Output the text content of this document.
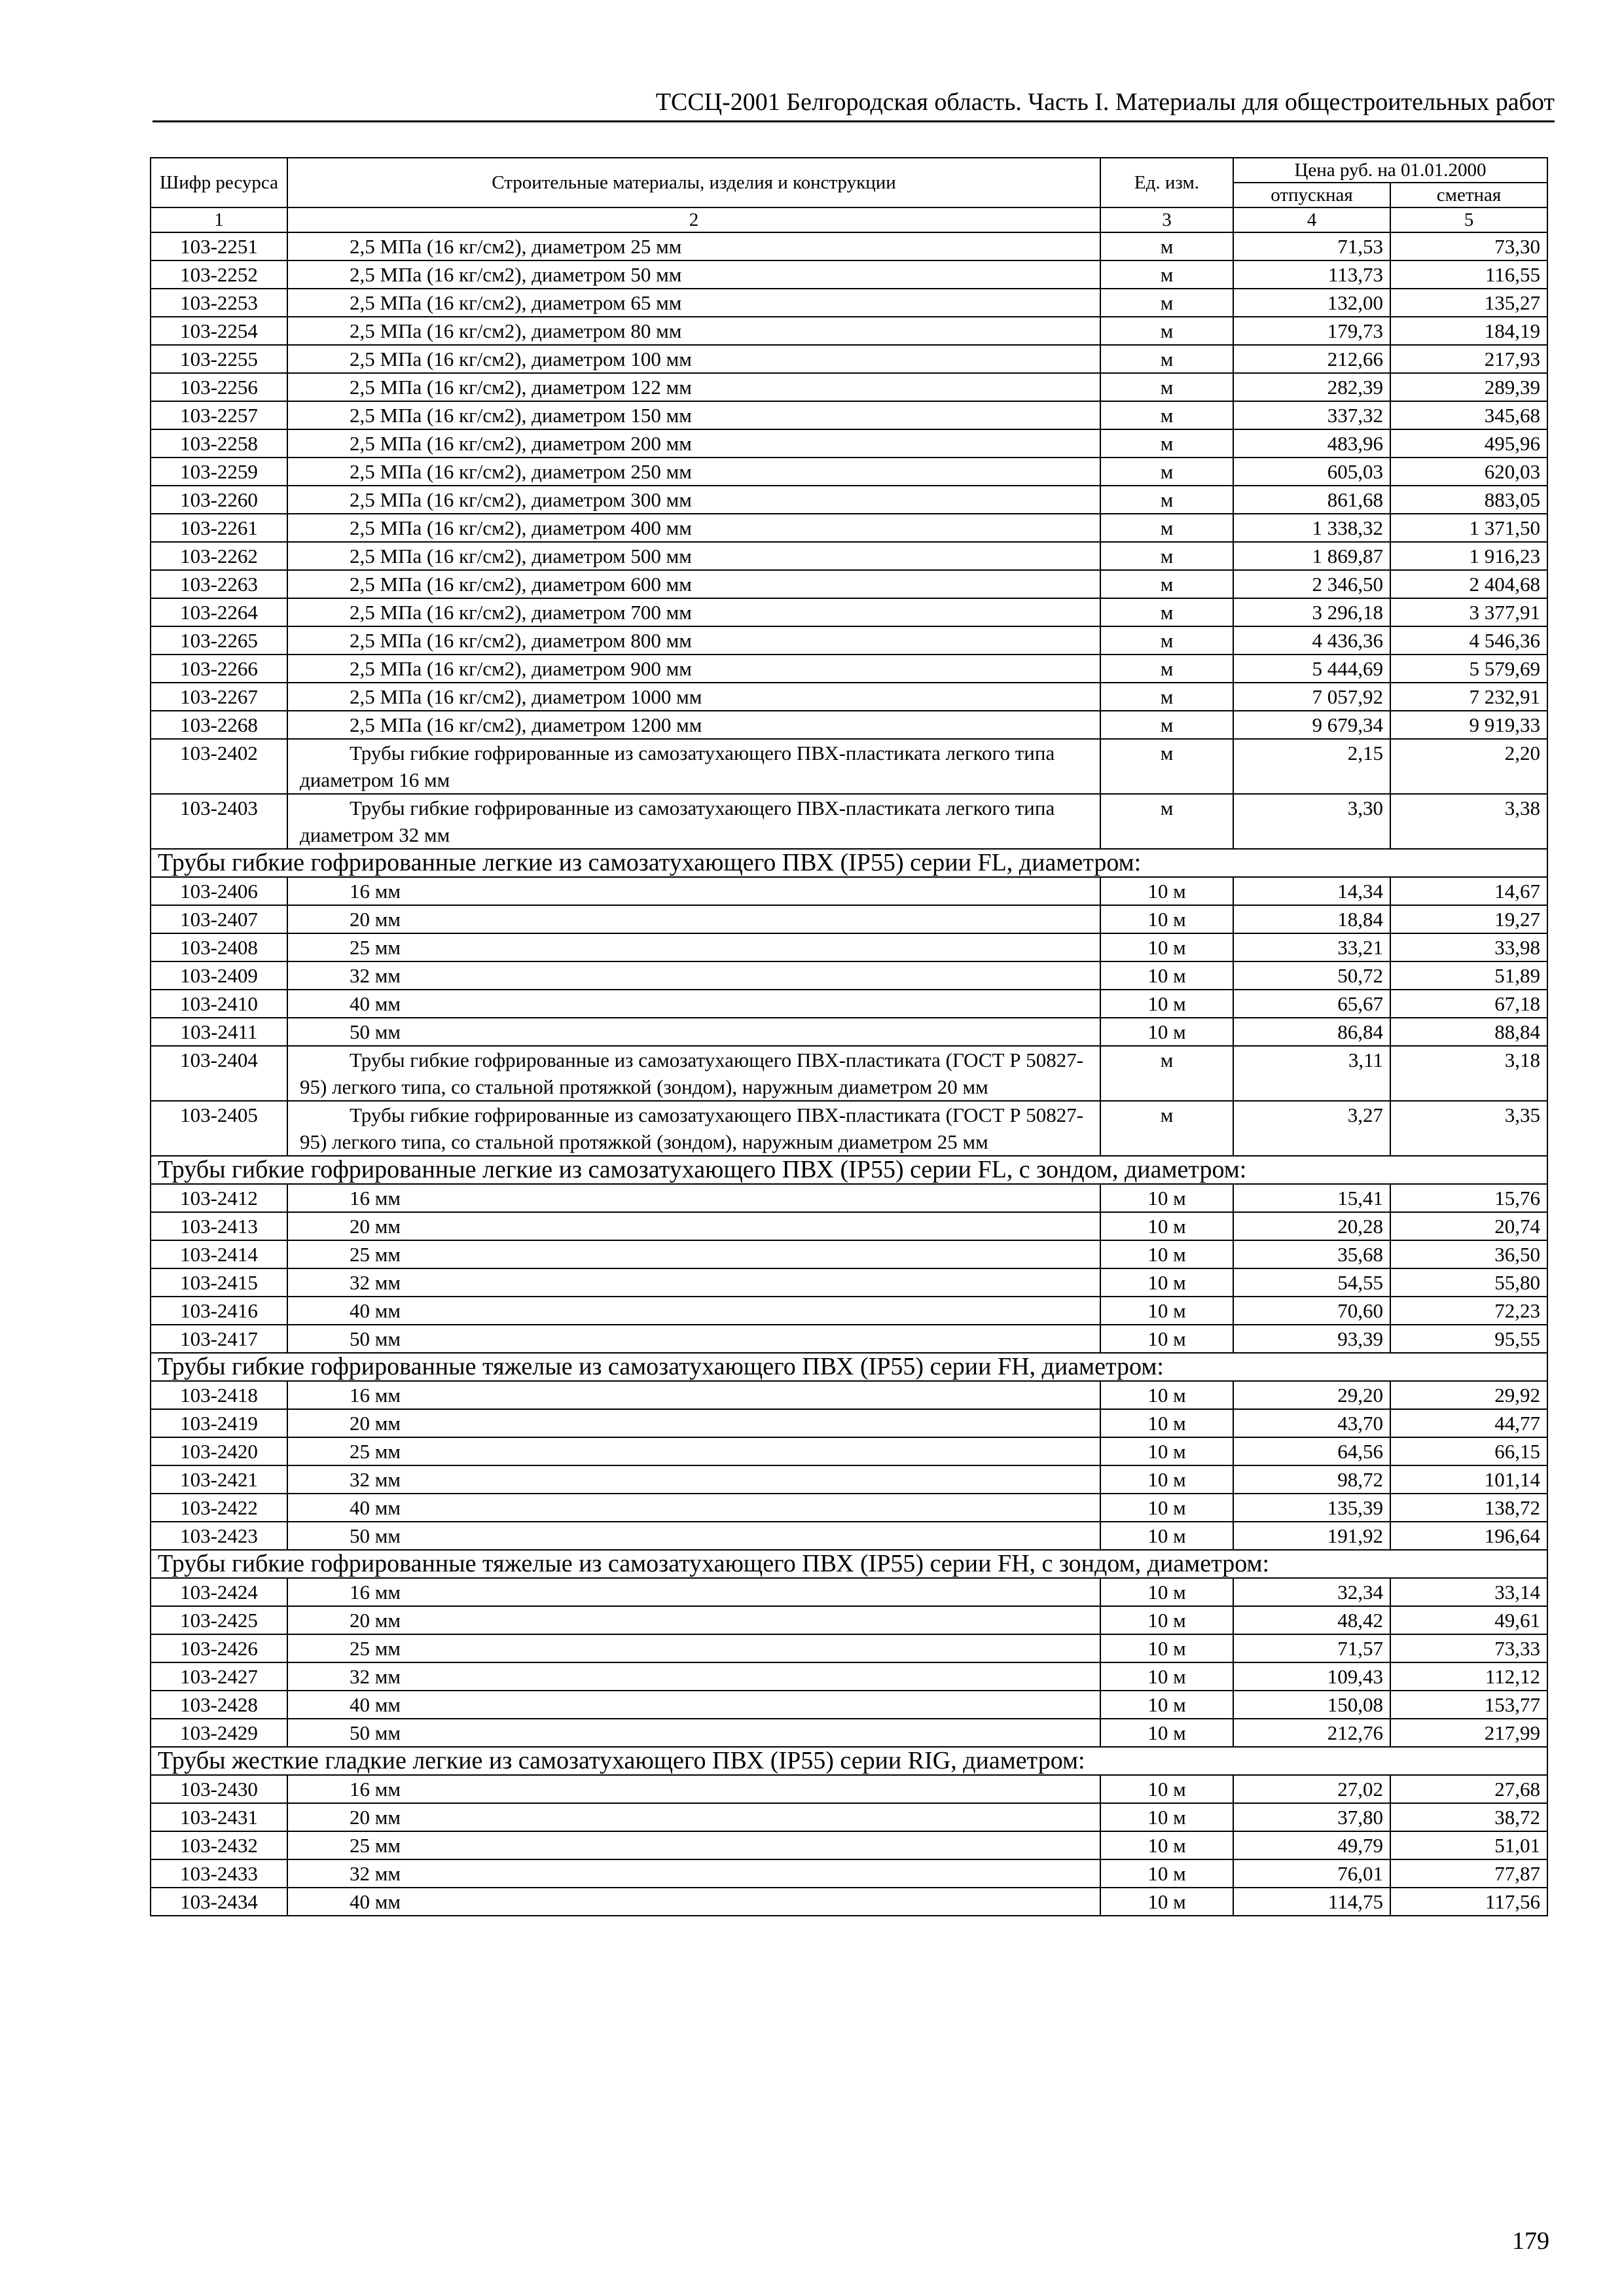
ТССЦ-2001 Белгородская область. Часть I. Материалы для общестроительных работ
Шифр ресурса	Строительные материалы, изделия и конструкции	Ед. изм.	Цена руб. на 01.01.2000	
			отпускная	сметная
1	2	3	4	5
103-2251	2,5 МПа (16 кг/см2), диаметром 25 мм	м	71,53	73,30
103-2252	2,5 МПа (16 кг/см2), диаметром 50 мм	м	113,73	116,55
103-2253	2,5 МПа (16 кг/см2), диаметром 65 мм	м	132,00	135,27
103-2254	2,5 МПа (16 кг/см2), диаметром 80 мм	м	179,73	184,19
103-2255	2,5 МПа (16 кг/см2), диаметром 100 мм	м	212,66	217,93
103-2256	2,5 МПа (16 кг/см2), диаметром 122 мм	м	282,39	289,39
103-2257	2,5 МПа (16 кг/см2), диаметром 150 мм	м	337,32	345,68
103-2258	2,5 МПа (16 кг/см2), диаметром 200 мм	м	483,96	495,96
103-2259	2,5 МПа (16 кг/см2), диаметром 250 мм	м	605,03	620,03
103-2260	2,5 МПа (16 кг/см2), диаметром 300 мм	м	861,68	883,05
103-2261	2,5 МПа (16 кг/см2), диаметром 400 мм	м	1 338,32	1 371,50
103-2262	2,5 МПа (16 кг/см2), диаметром 500 мм	м	1 869,87	1 916,23
103-2263	2,5 МПа (16 кг/см2), диаметром 600 мм	м	2 346,50	2 404,68
103-2264	2,5 МПа (16 кг/см2), диаметром 700 мм	м	3 296,18	3 377,91
103-2265	2,5 МПа (16 кг/см2), диаметром 800 мм	м	4 436,36	4 546,36
103-2266	2,5 МПа (16 кг/см2), диаметром 900 мм	м	5 444,69	5 579,69
103-2267	2,5 МПа (16 кг/см2), диаметром 1000 мм	м	7 057,92	7 232,91
103-2268	2,5 МПа (16 кг/см2), диаметром 1200 мм	м	9 679,34	9 919,33
103-2402	Трубы гибкие гофрированные из самозатухающего ПВХ-пластиката легкого типа диаметром 16 мм	м	2,15	2,20
103-2403	Трубы гибкие гофрированные из самозатухающего ПВХ-пластиката легкого типа диаметром 32 мм	м	3,30	3,38
Трубы гибкие гофрированные легкие из самозатухающего ПВХ (IP55) серии FL, диаметром:				
103-2406	16 мм	10 м	14,34	14,67
103-2407	20 мм	10 м	18,84	19,27
103-2408	25 мм	10 м	33,21	33,98
103-2409	32 мм	10 м	50,72	51,89
103-2410	40 мм	10 м	65,67	67,18
103-2411	50 мм	10 м	86,84	88,84
103-2404	Трубы гибкие гофрированные из самозатухающего ПВХ-пластиката (ГОСТ Р 50827-95) легкого типа, со стальной протяжкой (зондом), наружным диаметром 20 мм	м	3,11	3,18
103-2405	Трубы гибкие гофрированные из самозатухающего ПВХ-пластиката (ГОСТ Р 50827-95) легкого типа, со стальной протяжкой (зондом), наружным диаметром 25 мм	м	3,27	3,35
Трубы гибкие гофрированные легкие из самозатухающего ПВХ (IP55) серии FL, с зондом, диаметром:				
103-2412	16 мм	10 м	15,41	15,76
103-2413	20 мм	10 м	20,28	20,74
103-2414	25 мм	10 м	35,68	36,50
103-2415	32 мм	10 м	54,55	55,80
103-2416	40 мм	10 м	70,60	72,23
103-2417	50 мм	10 м	93,39	95,55
Трубы гибкие гофрированные тяжелые из самозатухающего ПВХ (IP55) серии FH, диаметром:				
103-2418	16 мм	10 м	29,20	29,92
103-2419	20 мм	10 м	43,70	44,77
103-2420	25 мм	10 м	64,56	66,15
103-2421	32 мм	10 м	98,72	101,14
103-2422	40 мм	10 м	135,39	138,72
103-2423	50 мм	10 м	191,92	196,64
Трубы гибкие гофрированные тяжелые из самозатухающего ПВХ (IP55) серии FH, с зондом, диаметром:				
103-2424	16 мм	10 м	32,34	33,14
103-2425	20 мм	10 м	48,42	49,61
103-2426	25 мм	10 м	71,57	73,33
103-2427	32 мм	10 м	109,43	112,12
103-2428	40 мм	10 м	150,08	153,77
103-2429	50 мм	10 м	212,76	217,99
Трубы жесткие гладкие легкие из самозатухающего ПВХ (IP55) серии RIG, диаметром:				
103-2430	16 мм	10 м	27,02	27,68
103-2431	20 мм	10 м	37,80	38,72
103-2432	25 мм	10 м	49,79	51,01
103-2433	32 мм	10 м	76,01	77,87
103-2434	40 мм	10 м	114,75	117,56
179
